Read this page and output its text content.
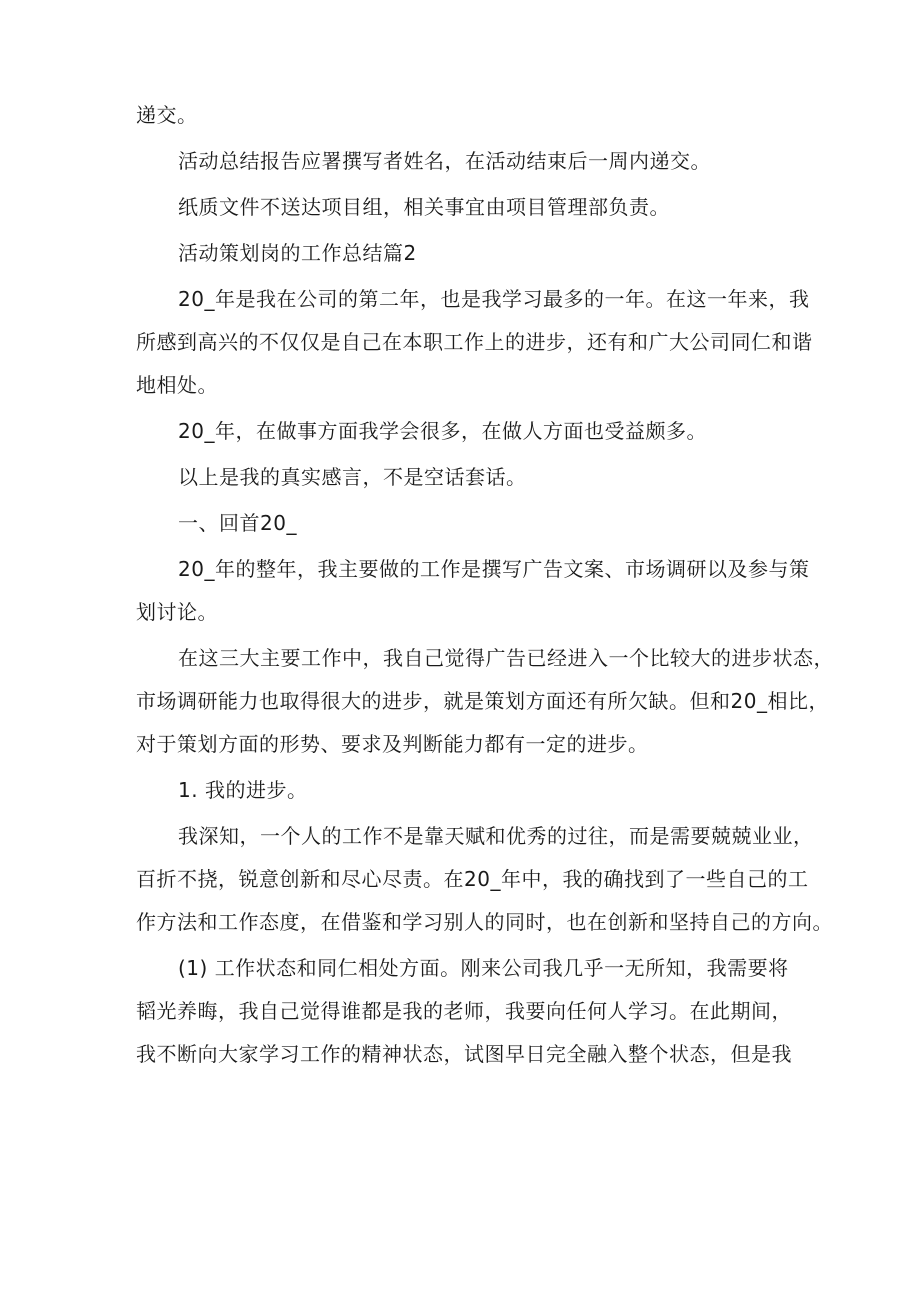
递交。
活动总结报告应署撰写者姓名，在活动结束后一周内递交。
纸质文件不送达项目组，相关事宜由项目管理部负责。
活动策划岗的工作总结篇2
20_年是我在公司的第二年，也是我学习最多的一年。在这一年来，我
所感到高兴的不仅仅是自己在本职工作上的进步，还有和广大公司同仁和谐
地相处。
20_年，在做事方面我学会很多，在做人方面也受益颇多。
以上是我的真实感言，不是空话套话。
一、回首20_
20_年的整年，我主要做的工作是撰写广告文案、市场调研以及参与策
划讨论。
在这三大主要工作中，我自己觉得广告已经进入一个比较大的进步状态，
市场调研能力也取得很大的进步，就是策划方面还有所欠缺。但和20_相比，
对于策划方面的形势、要求及判断能力都有一定的进步。
1. 我的进步。
我深知，一个人的工作不是靠天赋和优秀的过往，而是需要兢兢业业，
百折不挠，锐意创新和尽心尽责。在20_年中，我的确找到了一些自己的工
作方法和工作态度，在借鉴和学习别人的同时，也在创新和坚持自己的方向。
(1) 工作状态和同仁相处方面。刚来公司我几乎一无所知，我需要将
韬光养晦，我自己觉得谁都是我的老师，我要向任何人学习。在此期间，
我不断向大家学习工作的精神状态，试图早日完全融入整个状态，但是我
